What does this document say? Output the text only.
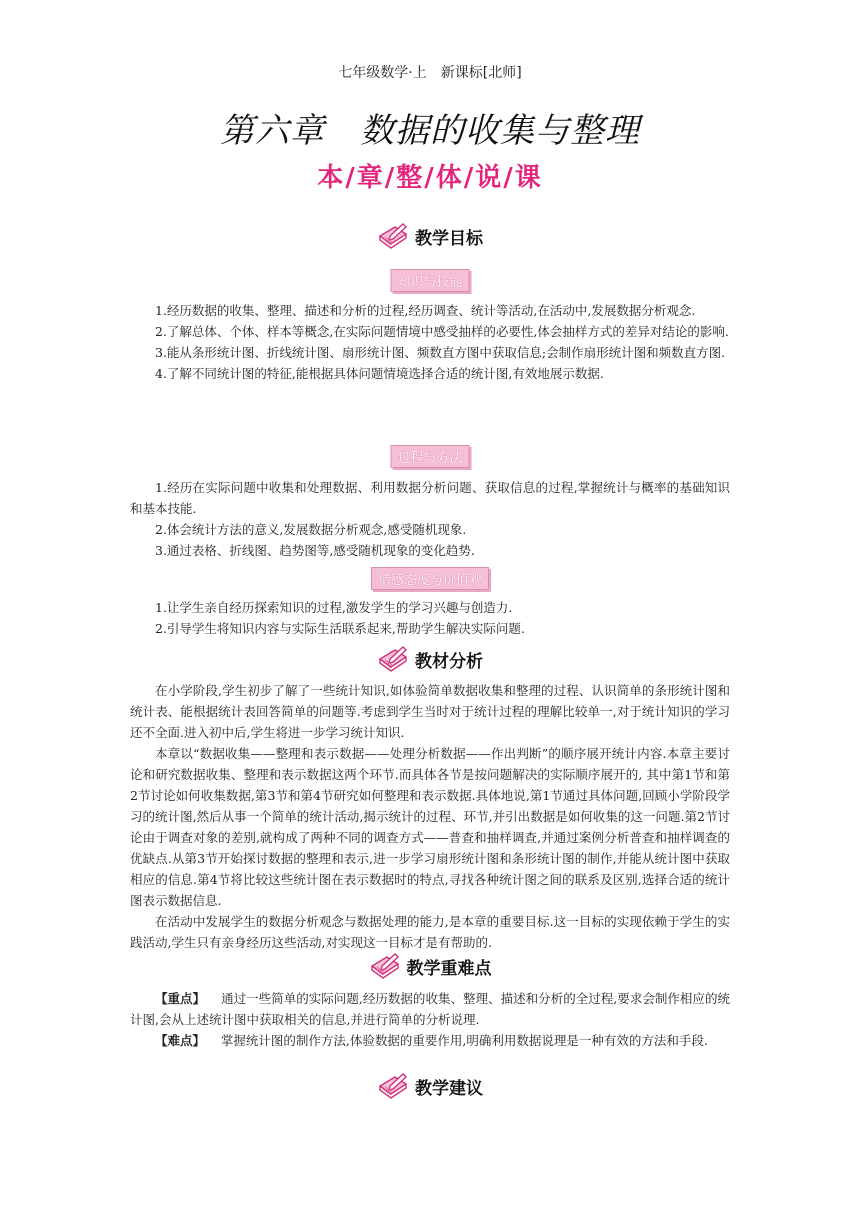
七年级数学·上　新课标[北师]
第六章　数据的收集与整理
本/章/整/体/说/课
教学目标
知识与技能

1.经历数据的收集、整理、描述和分析的过程,经历调查、统计等活动,在活动中,发展数据分析观念.

2.了解总体、个体、样本等概念,在实际问题情境中感受抽样的必要性,体会抽样方式的差异对结论的影响.

3.能从条形统计图、折线统计图、扇形统计图、频数直方图中获取信息;会制作扇形统计图和频数直方图.

4.了解不同统计图的特征,能根据具体问题情境选择合适的统计图,有效地展示数据.

过程与方法

1.经历在实际问题中收集和处理数据、利用数据分析问题、获取信息的过程,掌握统计与概率的基础知识和基本技能.

2.体会统计方法的意义,发展数据分析观念,感受随机现象.

3.通过表格、折线图、趋势图等,感受随机现象的变化趋势.

情感态度与价值观

1.让学生亲自经历探索知识的过程,激发学生的学习兴趣与创造力.

2.引导学生将知识内容与实际生活联系起来,帮助学生解决实际问题.

教材分析

在小学阶段,学生初步了解了一些统计知识,如体验简单数据收集和整理的过程、认识简单的条形统计图和统计表、能根据统计表回答简单的问题等.考虑到学生当时对于统计过程的理解比较单一,对于统计知识的学习还不全面.进入初中后,学生将进一步学习统计知识.

本章以“数据收集——整理和表示数据——处理分析数据——作出判断”的顺序展开统计内容.本章主要讨论和研究数据收集、整理和表示数据这两个环节.而具体各节是按问题解决的实际顺序展开的, 其中第1节和第2节讨论如何收集数据,第3节和第4节研究如何整理和表示数据.具体地说,第1节通过具体问题,回顾小学阶段学习的统计图,然后从事一个简单的统计活动,揭示统计的过程、环节,并引出数据是如何收集的这一问题.第2节讨论由于调查对象的差别,就构成了两种不同的调查方式——普查和抽样调查,并通过案例分析普查和抽样调查的优缺点.从第3节开始探讨数据的整理和表示,进一步学习扇形统计图和条形统计图的制作,并能从统计图中获取相应的信息.第4节将比较这些统计图在表示数据时的特点,寻找各种统计图之间的联系及区别,选择合适的统计图表示数据信息.

在活动中发展学生的数据分析观念与数据处理的能力,是本章的重要目标.这一目标的实现依赖于学生的实践活动,学生只有亲身经历这些活动,对实现这一目标才是有帮助的.

教学重难点

【重点】 通过一些简单的实际问题,经历数据的收集、整理、描述和分析的全过程,要求会制作相应的统计图,会从上述统计图中获取相关的信息,并进行简单的分析说理.

【难点】 掌握统计图的制作方法,体验数据的重要作用,明确利用数据说理是一种有效的方法和手段.

教学建议
